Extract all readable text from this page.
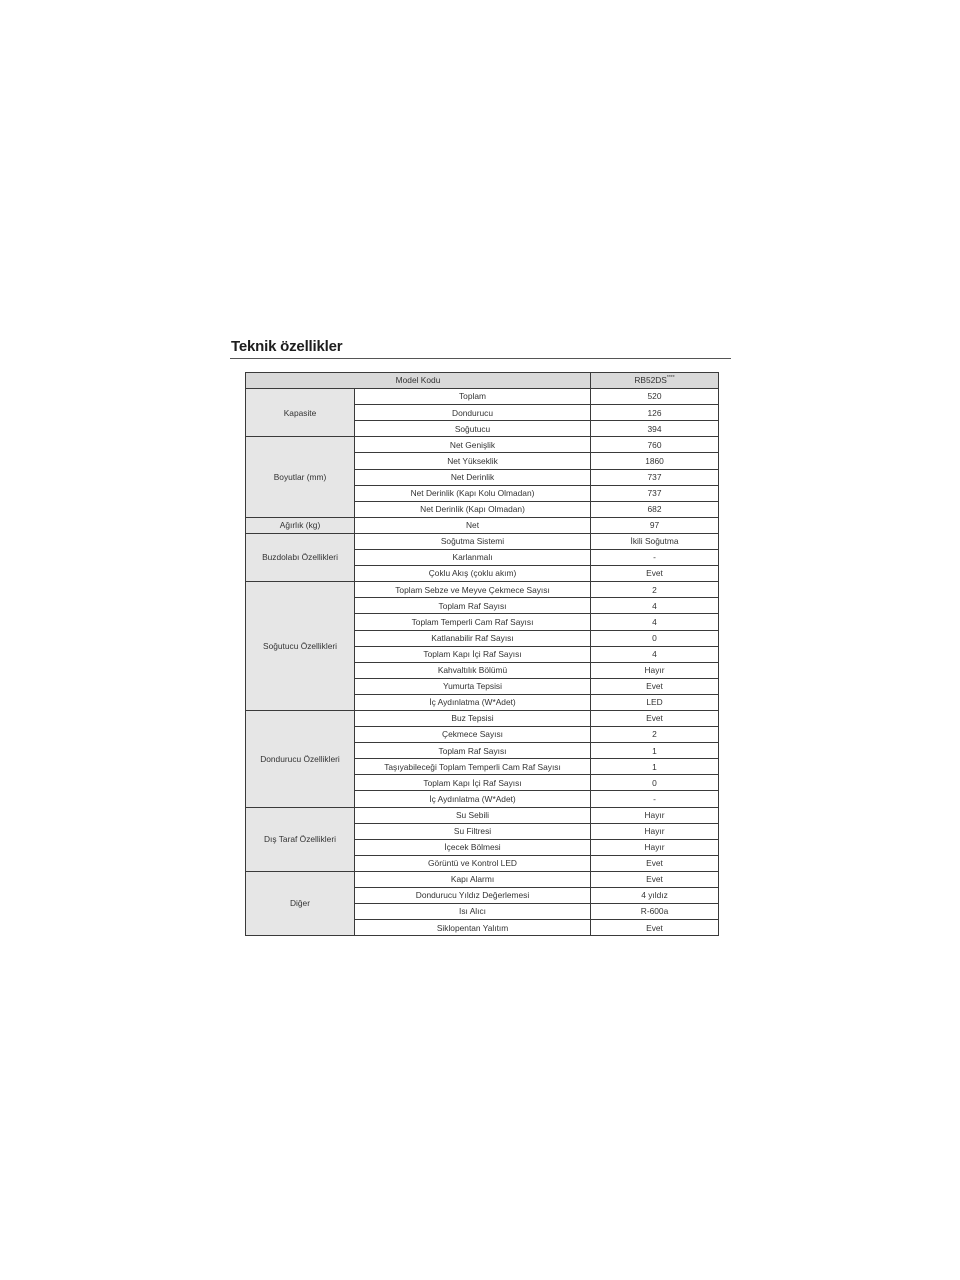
Teknik özellikler
Model Kodu		RB52DS****
Kapasite	Toplam	520
	Dondurucu	126
	Soğutucu	394
Boyutlar (mm)	Net Genişlik	760
	Net Yükseklik	1860
	Net Derinlik	737
	Net Derinlik (Kapı Kolu Olmadan)	737
	Net Derinlik (Kapı Olmadan)	682
Ağırlık (kg)	Net	97
Buzdolabı Özellikleri	Soğutma Sistemi	İkili Soğutma
	Karlanmalı	-
	Çoklu Akış (çoklu akım)	Evet
Soğutucu Özellikleri	Toplam Sebze ve Meyve Çekmece Sayısı	2
	Toplam Raf Sayısı	4
	Toplam Temperli Cam Raf Sayısı	4
	Katlanabilir Raf Sayısı	0
	Toplam Kapı İçi Raf Sayısı	4
	Kahvaltılık Bölümü	Hayır
	Yumurta Tepsisi	Evet
	İç Aydınlatma (W*Adet)	LED
Dondurucu Özellikleri	Buz Tepsisi	Evet
	Çekmece Sayısı	2
	Toplam Raf Sayısı	1
	Taşıyabileceği Toplam Temperli Cam Raf Sayısı	1
	Toplam Kapı İçi Raf Sayısı	0
	İç Aydınlatma (W*Adet)	-
Dış Taraf Özellikleri	Su Sebili	Hayır
	Su Filtresi	Hayır
	İçecek Bölmesi	Hayır
	Görüntü ve Kontrol LED	Evet
Diğer	Kapı Alarmı	Evet
	Dondurucu Yıldız Değerlemesi	4 yıldız
	Isı Alıcı	R-600a
	Siklopentan Yalıtım	Evet
